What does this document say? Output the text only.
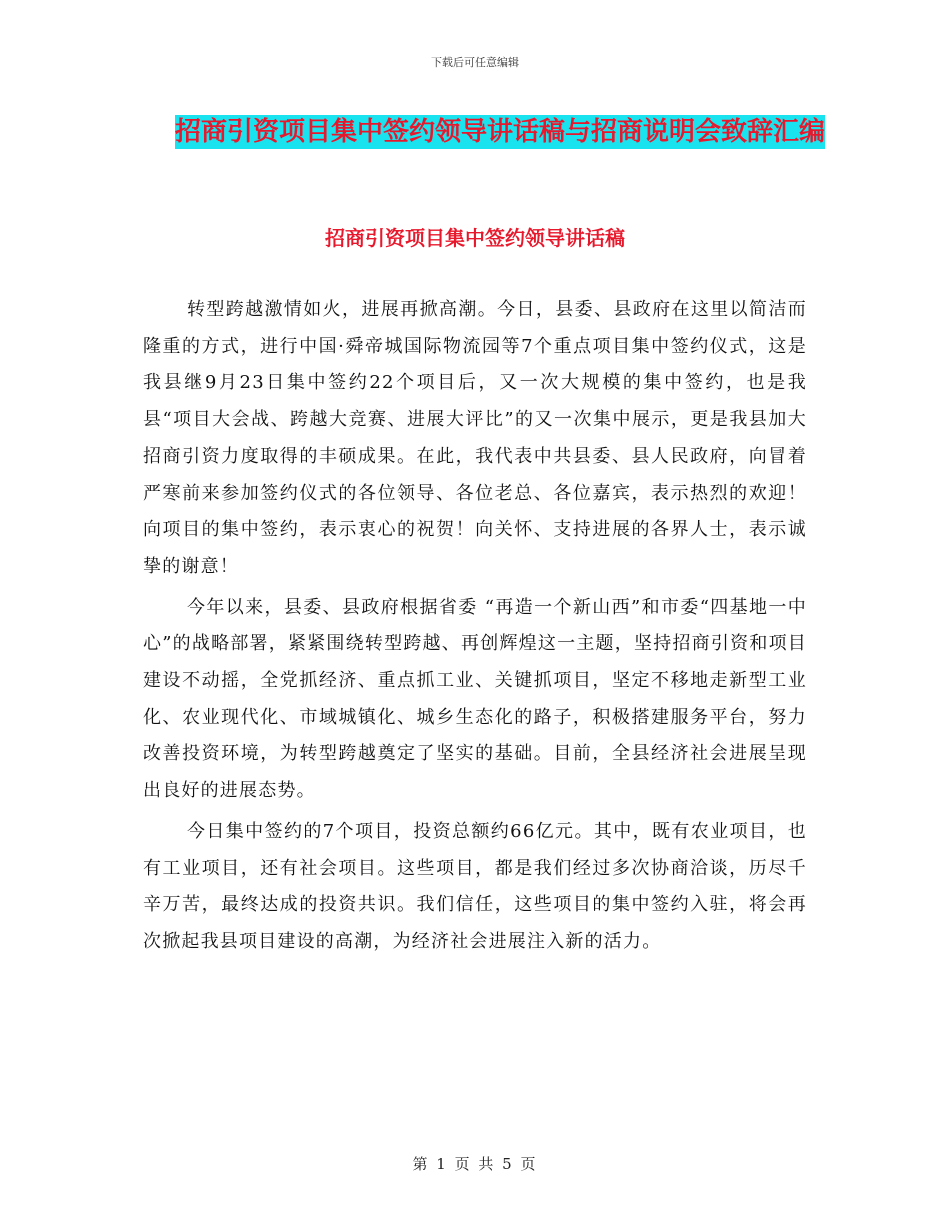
下载后可任意编辑
招商引资项目集中签约领导讲话稿与招商说明会致辞汇编
招商引资项目集中签约领导讲话稿

转型跨越激情如火，进展再掀高潮。今日，县委、县政府在这里以简洁而隆重的方式，进行中国·舜帝城国际物流园等7个重点项目集中签约仪式，这是我县继9月23日集中签约22个项目后，又一次大规模的集中签约，也是我县“项目大会战、跨越大竞赛、进展大评比”的又一次集中展示，更是我县加大招商引资力度取得的丰硕成果。在此，我代表中共县委、县人民政府，向冒着严寒前来参加签约仪式的各位领导、各位老总、各位嘉宾，表示热烈的欢迎！向项目的集中签约，表示衷心的祝贺！向关怀、支持进展的各界人士，表示诚挚的谢意！

今年以来，县委、县政府根据省委 “再造一个新山西”和市委“四基地一中心”的战略部署，紧紧围绕转型跨越、再创辉煌这一主题，坚持招商引资和项目建设不动摇，全党抓经济、重点抓工业、关键抓项目，坚定不移地走新型工业化、农业现代化、市域城镇化、城乡生态化的路子，积极搭建服务平台，努力改善投资环境，为转型跨越奠定了坚实的基础。目前，全县经济社会进展呈现出良好的进展态势。

今日集中签约的7个项目，投资总额约66亿元。其中，既有农业项目，也有工业项目，还有社会项目。这些项目，都是我们经过多次协商洽谈，历尽千辛万苦，最终达成的投资共识。我们信任，这些项目的集中签约入驻，将会再次掀起我县项目建设的高潮，为经济社会进展注入新的活力。

第 1 页 共 5 页
